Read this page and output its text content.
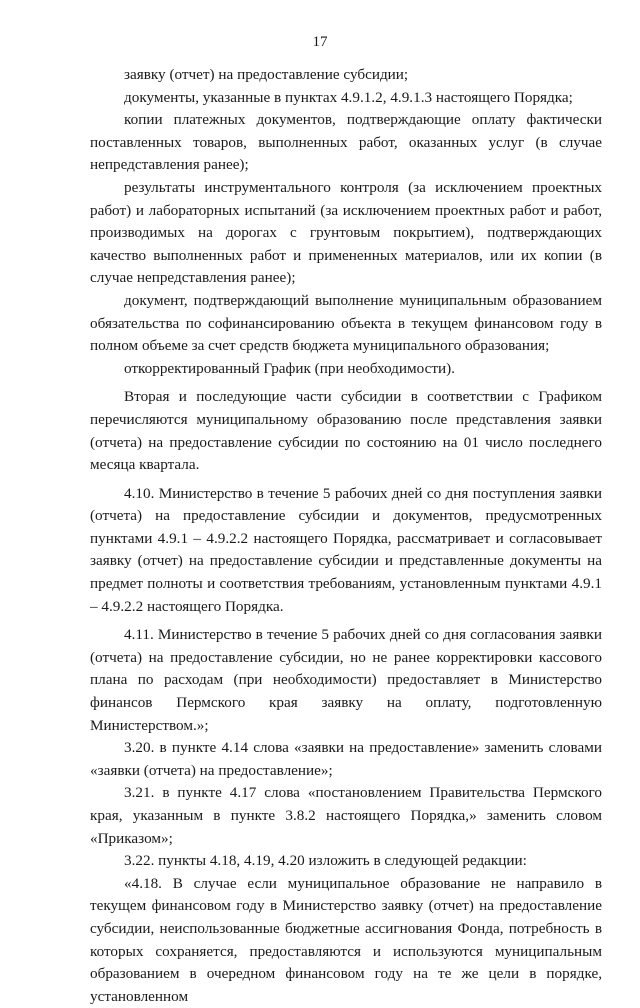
17

заявку (отчет) на предоставление субсидии;

документы, указанные в пунктах 4.9.1.2, 4.9.1.3 настоящего Порядка;

копии платежных документов, подтверждающие оплату фактически поставленных товаров, выполненных работ, оказанных услуг (в случае непредставления ранее);

результаты инструментального контроля (за исключением проектных работ) и лабораторных испытаний (за исключением проектных работ и работ, производимых на дорогах с грунтовым покрытием), подтверждающих качество выполненных работ и примененных материалов, или их копии (в случае непредставления ранее);

документ, подтверждающий выполнение муниципальным образованием обязательства по софинансированию объекта в текущем финансовом году в полном объеме за счет средств бюджета муниципального образования;

откорректированный График (при необходимости).

Вторая и последующие части субсидии в соответствии с Графиком перечисляются муниципальному образованию после представления заявки (отчета) на предоставление субсидии по состоянию на 01 число последнего месяца квартала.

4.10. Министерство в течение 5 рабочих дней со дня поступления заявки (отчета) на предоставление субсидии и документов, предусмотренных пунктами 4.9.1 – 4.9.2.2 настоящего Порядка, рассматривает и согласовывает заявку (отчет) на предоставление субсидии и представленные документы на предмет полноты и соответствия требованиям, установленным пунктами 4.9.1 – 4.9.2.2 настоящего Порядка.

4.11. Министерство в течение 5 рабочих дней со дня согласования заявки (отчета) на предоставление субсидии, но не ранее корректировки кассового плана по расходам (при необходимости) предоставляет в Министерство финансов Пермского края заявку на оплату, подготовленную Министерством.»;

3.20. в пункте 4.14 слова «заявки на предоставление» заменить словами «заявки (отчета) на предоставление»;

3.21. в пункте 4.17 слова «постановлением Правительства Пермского края, указанным в пункте 3.8.2 настоящего Порядка,» заменить словом «Приказом»;

3.22. пункты 4.18, 4.19, 4.20 изложить в следующей редакции:

«4.18. В случае если муниципальное образование не направило в текущем финансовом году в Министерство заявку (отчет) на предоставление субсидии, неиспользованные бюджетные ассигнования Фонда, потребность в которых сохраняется, предоставляются и используются муниципальным образованием в очередном финансовом году на те же цели в порядке, установленном
